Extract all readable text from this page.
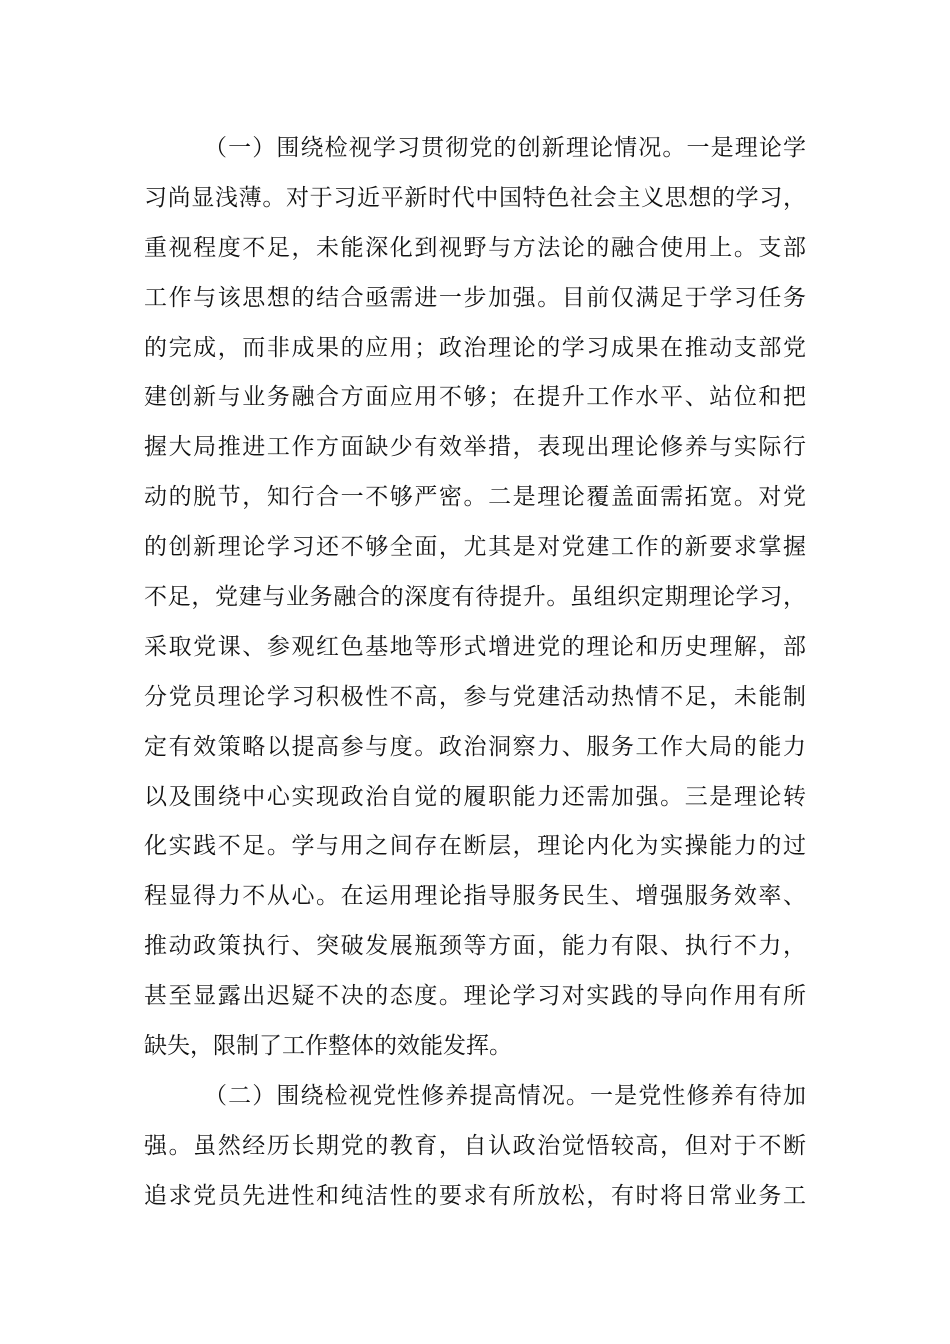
（一）围绕检视学习贯彻党的创新理论情况。一是理论学
习尚显浅薄。对于习近平新时代中国特色社会主义思想的学习，
重视程度不足，未能深化到视野与方法论的融合使用上。支部
工作与该思想的结合亟需进一步加强。目前仅满足于学习任务
的完成，而非成果的应用；政治理论的学习成果在推动支部党
建创新与业务融合方面应用不够；在提升工作水平、站位和把
握大局推进工作方面缺少有效举措，表现出理论修养与实际行
动的脱节，知行合一不够严密。二是理论覆盖面需拓宽。对党
的创新理论学习还不够全面，尤其是对党建工作的新要求掌握
不足，党建与业务融合的深度有待提升。虽组织定期理论学习，
采取党课、参观红色基地等形式增进党的理论和历史理解，部
分党员理论学习积极性不高，参与党建活动热情不足，未能制
定有效策略以提高参与度。政治洞察力、服务工作大局的能力
以及围绕中心实现政治自觉的履职能力还需加强。三是理论转
化实践不足。学与用之间存在断层，理论内化为实操能力的过
程显得力不从心。在运用理论指导服务民生、增强服务效率、
推动政策执行、突破发展瓶颈等方面，能力有限、执行不力，
甚至显露出迟疑不决的态度。理论学习对实践的导向作用有所
缺失，限制了工作整体的效能发挥。
（二）围绕检视党性修养提高情况。一是党性修养有待加
强。虽然经历长期党的教育，自认政治觉悟较高，但对于不断
追求党员先进性和纯洁性的要求有所放松，有时将日常业务工
